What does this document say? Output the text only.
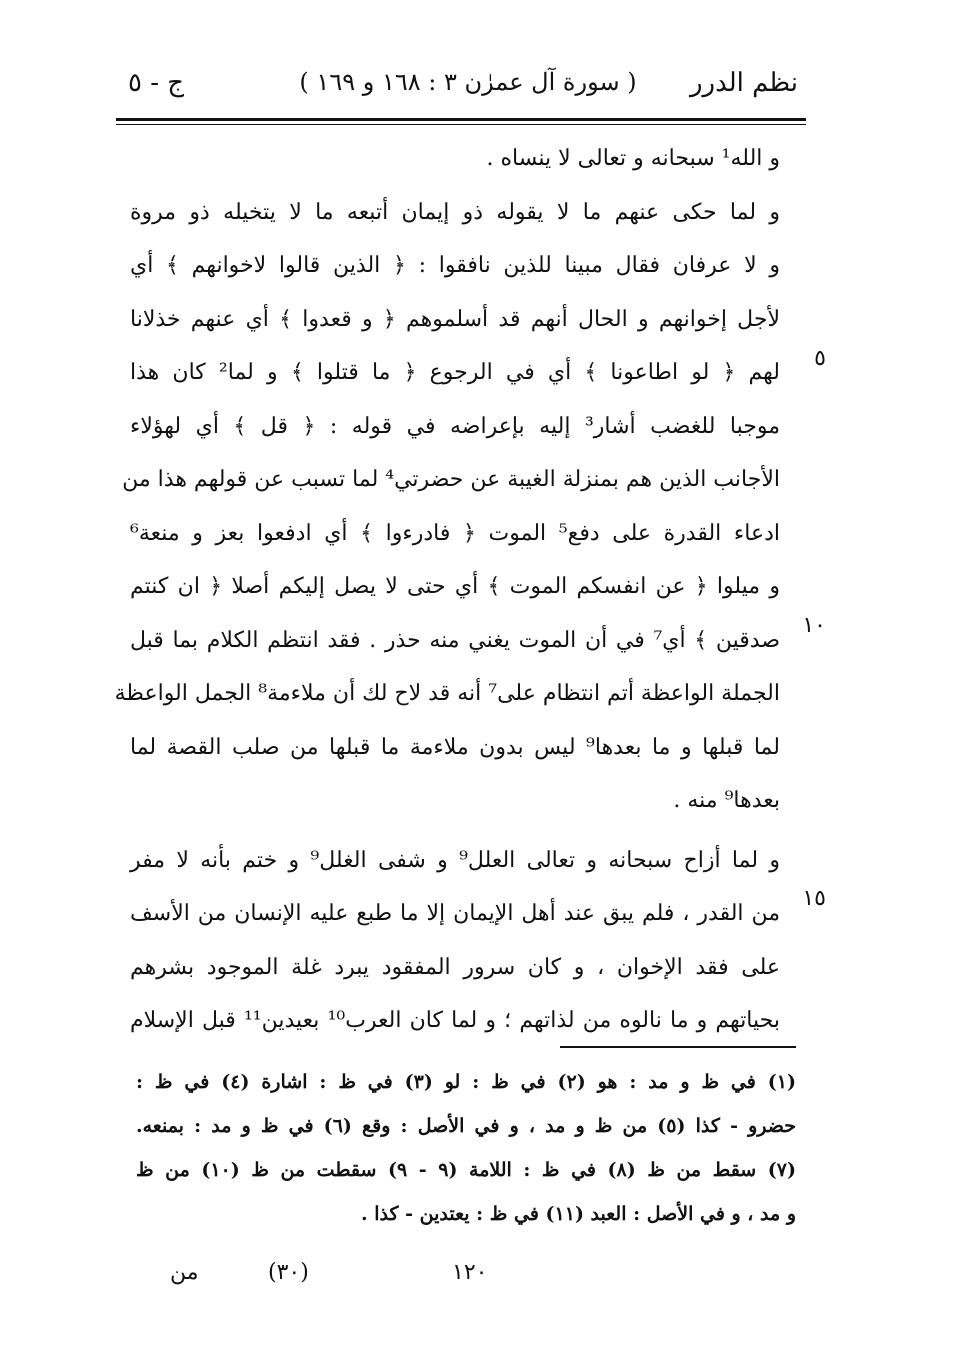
نظم الدرر
( سورة آل عمرٰن ٣ : ١٦٨ و ١٦٩ )
ج - ٥
و الله¹ سبحانه و تعالى لا ينساه .
و لما حكى عنهم ما لا يقوله ذو إيمان أتبعه ما لا يتخيله ذو مروة
و لا عرفان فقال مبينا للذين نافقوا : ﴿ الذين قالوا لاخوانهم ﴾ أي
لأجل إخوانهم و الحال أنهم قد أسلموهم ﴿ و قعدوا ﴾ أي عنهم خذلانا
لهم ﴿ لو اطاعونا ﴾ أي في الرجوع ﴿ ما قتلوا ﴾ و لما² كان هذا
موجبا للغضب أشار³ إليه بإعراضه في قوله : ﴿ قل ﴾ أي لهؤلاء
الأجانب الذين هم بمنزلة الغيبة عن حضرتي⁴ لما تسبب عن قولهم هذا من
ادعاء القدرة على دفع⁵ الموت ﴿ فادرءوا ﴾ أي ادفعوا بعز و منعة⁶
و ميلوا ﴿ عن انفسكم الموت ﴾ أي حتى لا يصل إليكم أصلا ﴿ ان كنتم
صدقين ﴾ أي⁷ في أن الموت يغني منه حذر . فقد انتظم الكلام بما قبل
الجملة الواعظة أتم انتظام على⁷ أنه قد لاح لك أن ملاءمة⁸ الجمل الواعظة
لما قبلها و ما بعدها⁹ ليس بدون ملاءمة ما قبلها من صلب القصة لما
بعدها⁹ منه .
و لما أزاح سبحانه و تعالى العلل⁹ و شفى الغلل⁹ و ختم بأنه لا مفر
من القدر ، فلم يبق عند أهل الإيمان إلا ما طبع عليه الإنسان من الأسف
على فقد الإخوان ، و كان سرور المفقود يبرد غلة الموجود بشرهم
بحياتهم و ما نالوه من لذاتهم ؛ و لما كان العرب¹⁰ بعيدين¹¹ قبل الإسلام
٥
١٠
١٥
(١) في ظ و مد : هو (٢) في ظ : لو (٣) في ظ : اشارة (٤) في ظ :
حضرو - كذا (٥) من ظ و مد ، و في الأصل : وقع (٦) في ظ و مد : بمنعه.
(٧) سقط من ظ (٨) في ظ : اللامة (٩ - ٩) سقطت من ظ (١٠) من ظ
و مد ، و في الأصل : العبد (١١) في ظ : يعتدين - كذا .
١٢٠
(٣٠)
من
